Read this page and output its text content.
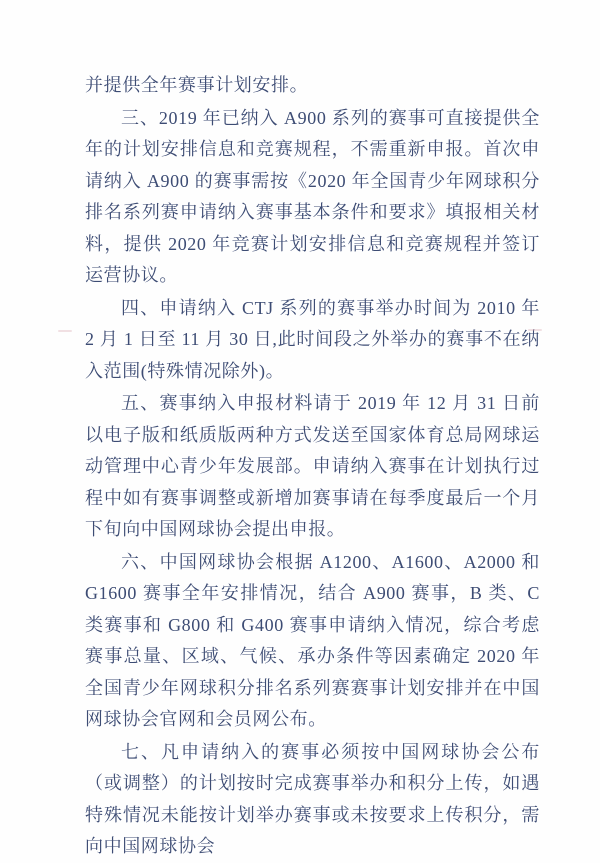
并提供全年赛事计划安排。

三、2019 年已纳入 A900 系列的赛事可直接提供全年的计划安排信息和竞赛规程，不需重新申报。首次申请纳入 A900 的赛事需按《2020 年全国青少年网球积分排名系列赛申请纳入赛事基本条件和要求》填报相关材料，提供 2020 年竞赛计划安排信息和竞赛规程并签订运营协议。

四、申请纳入 CTJ 系列的赛事举办时间为 2010 年 2 月 1 日至 11 月 30 日,此时间段之外举办的赛事不在纳入范围(特殊情况除外)。

五、赛事纳入申报材料请于 2019 年 12 月 31 日前以电子版和纸质版两种方式发送至国家体育总局网球运动管理中心青少年发展部。申请纳入赛事在计划执行过程中如有赛事调整或新增加赛事请在每季度最后一个月下旬向中国网球协会提出申报。

六、中国网球协会根据 A1200、A1600、A2000 和 G1600 赛事全年安排情况，结合 A900 赛事，B 类、C 类赛事和 G800 和 G400 赛事申请纳入情况，综合考虑赛事总量、区域、气候、承办条件等因素确定 2020 年全国青少年网球积分排名系列赛赛事计划安排并在中国网球协会官网和会员网公布。

七、凡申请纳入的赛事必须按中国网球协会公布（或调整）的计划按时完成赛事举办和积分上传，如遇特殊情况未能按计划举办赛事或未按要求上传积分，需向中国网球协会
